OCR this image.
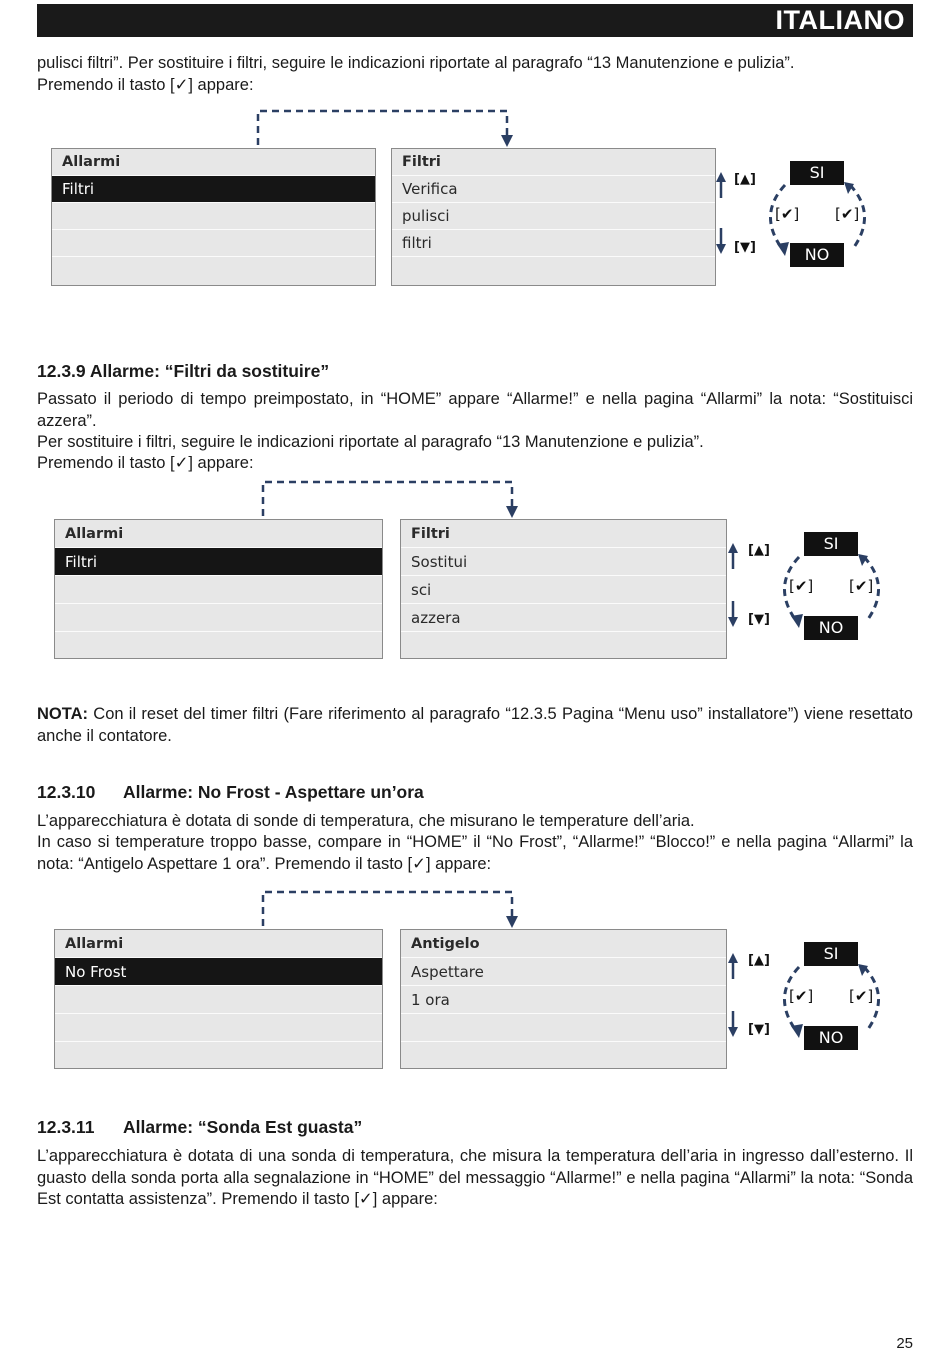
ITALIANO

pulisci filtri”. Per sostituire i filtri, seguire le indicazioni riportate al paragrafo “13 Manutenzione e pulizia”.

Premendo il tasto [✓] appare:

Allarmi
Filtri
Filtri
Verifica
pulisci
filtri
[▲]
[▼]
SI
NO
[✔] [✔]
12.3.9 Allarme: “Filtri da sostituire”

Passato il periodo di tempo preimpostato, in “HOME” appare “Allarme!” e nella pagina “Allarmi” la nota: “Sostituisci azzera”.

Per sostituire i filtri, seguire le indicazioni riportate al paragrafo “13 Manutenzione e pulizia”.

Premendo il tasto [✓] appare:

Allarmi
Filtri
Filtri
Sostitui
sci
azzera
[▲]
[▼]
SI
NO
[✔] [✔]

NOTA: Con il reset del timer filtri (Fare riferimento al paragrafo “12.3.5 Pagina “Menu uso” installatore”) viene resettato anche il contatore.

12.3.10 Allarme: No Frost - Aspettare un’ora

L’apparecchiatura è dotata di sonde di temperatura, che misurano le temperature dell’aria.

In caso si temperature troppo basse, compare in “HOME” il “No Frost”, “Allarme!” “Blocco!” e nella pagina “Allarmi” la nota: “Antigelo Aspettare 1 ora”. Premendo il tasto [✓] appare:

Allarmi
No Frost
Antigelo
Aspettare
1 ora
[▲]
[▼]
SI
NO
[✔] [✔]
12.3.11 Allarme: “Sonda Est guasta”

L’apparecchiatura è dotata di una sonda di temperatura, che misura la temperatura dell’aria in ingresso dall’esterno. Il guasto della sonda porta alla segnalazione in “HOME” del messaggio “Allarme!” e nella pagina “Allarmi” la nota: “Sonda Est contatta assistenza”. Premendo il tasto [✓] appare:

25
